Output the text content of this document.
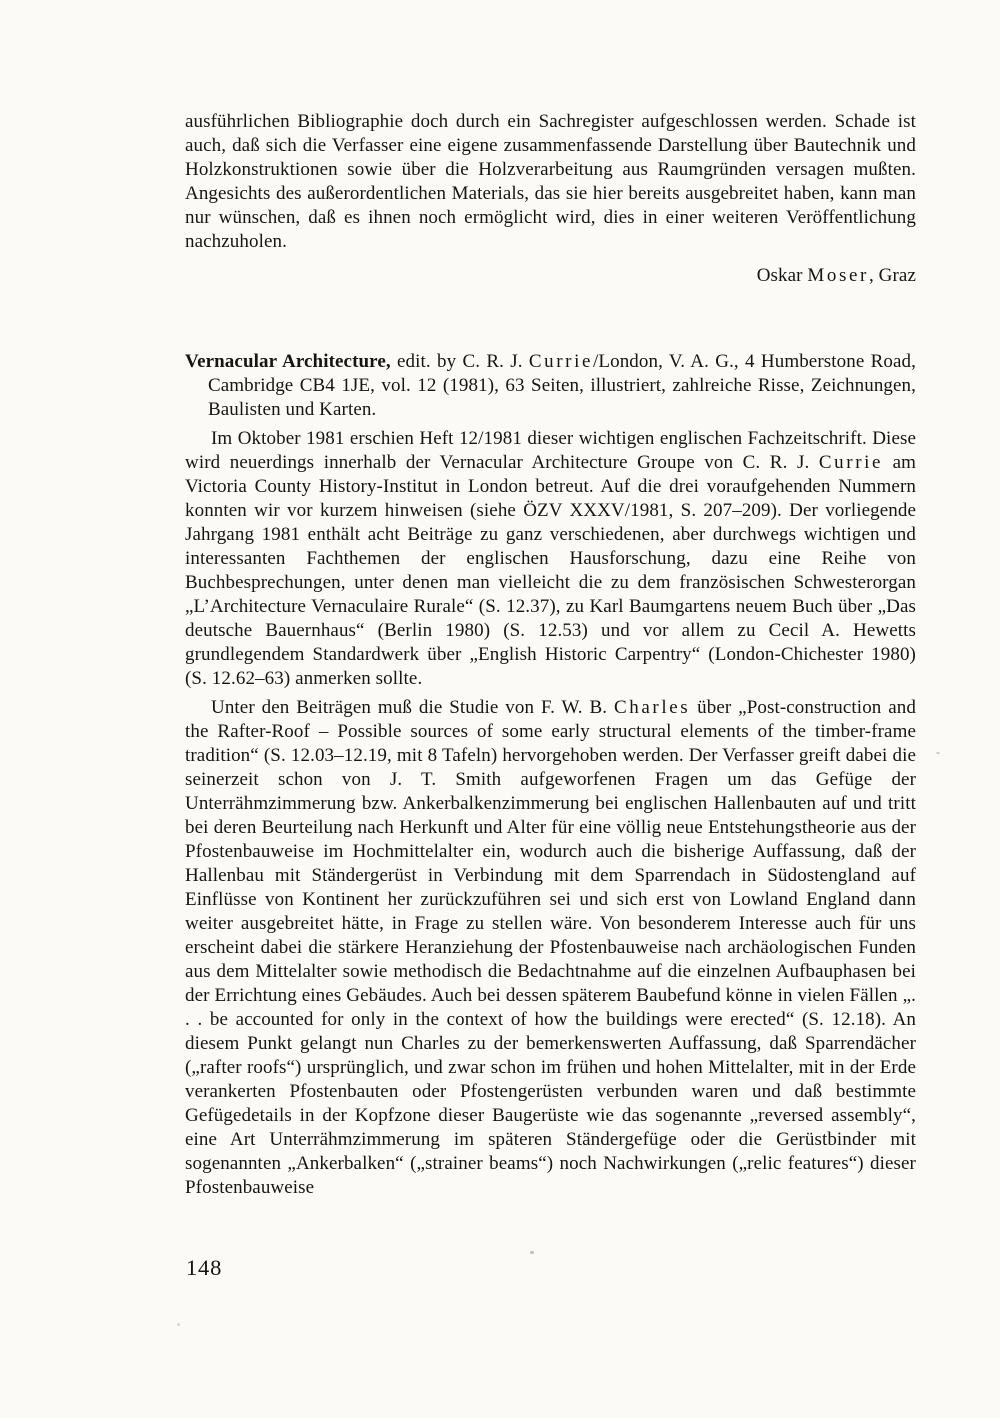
ausführlichen Bibliographie doch durch ein Sachregister aufgeschlossen werden. Schade ist auch, daß sich die Verfasser eine eigene zusammenfassende Darstellung über Bautechnik und Holzkonstruktionen sowie über die Holzverarbeitung aus Raumgründen versagen mußten. Angesichts des außerordentlichen Materials, das sie hier bereits ausgebreitet haben, kann man nur wünschen, daß es ihnen noch ermöglicht wird, dies in einer weiteren Veröffentlichung nachzuholen.

Oskar Moser, Graz

Vernacular Architecture, edit. by C. R. J. Currie/London, V. A. G., 4 Humberstone Road, Cambridge CB4 1JE, vol. 12 (1981), 63 Seiten, illustriert, zahlreiche Risse, Zeichnungen, Baulisten und Karten.

Im Oktober 1981 erschien Heft 12/1981 dieser wichtigen englischen Fachzeitschrift. Diese wird neuerdings innerhalb der Vernacular Architecture Groupe von C. R. J. Currie am Victoria County History-Institut in London betreut. Auf die drei voraufgehenden Nummern konnten wir vor kurzem hinweisen (siehe ÖZV XXXV/1981, S. 207–209). Der vorliegende Jahrgang 1981 enthält acht Beiträge zu ganz verschiedenen, aber durchwegs wichtigen und interessanten Fachthemen der englischen Hausforschung, dazu eine Reihe von Buchbesprechungen, unter denen man vielleicht die zu dem französischen Schwesterorgan „L’Architecture Vernaculaire Rurale“ (S. 12.37), zu Karl Baumgartens neuem Buch über „Das deutsche Bauernhaus“ (Berlin 1980) (S. 12.53) und vor allem zu Cecil A. Hewetts grundlegendem Standardwerk über „English Historic Carpentry“ (London-Chichester 1980) (S. 12.62–63) anmerken sollte.

Unter den Beiträgen muß die Studie von F. W. B. Charles über „Post-construction and the Rafter-Roof – Possible sources of some early structural elements of the timber-frame tradition“ (S. 12.03–12.19, mit 8 Tafeln) hervorgehoben werden. Der Verfasser greift dabei die seinerzeit schon von J. T. Smith aufgeworfenen Fragen um das Gefüge der Unterrähmzimmerung bzw. Ankerbalkenzimmerung bei englischen Hallenbauten auf und tritt bei deren Beurteilung nach Herkunft und Alter für eine völlig neue Entstehungstheorie aus der Pfostenbauweise im Hochmittelalter ein, wodurch auch die bisherige Auffassung, daß der Hallenbau mit Ständergerüst in Verbindung mit dem Sparrendach in Südostengland auf Einflüsse von Kontinent her zurückzuführen sei und sich erst von Lowland England dann weiter ausgebreitet hätte, in Frage zu stellen wäre. Von besonderem Interesse auch für uns erscheint dabei die stärkere Heranziehung der Pfostenbauweise nach archäologischen Funden aus dem Mittelalter sowie methodisch die Bedachtnahme auf die einzelnen Aufbauphasen bei der Errichtung eines Gebäudes. Auch bei dessen späterem Baubefund könne in vielen Fällen „. . . be accounted for only in the context of how the buildings were erected“ (S. 12.18). An diesem Punkt gelangt nun Charles zu der bemerkenswerten Auffassung, daß Sparrendächer („rafter roofs“) ursprünglich, und zwar schon im frühen und hohen Mittelalter, mit in der Erde verankerten Pfostenbauten oder Pfostengerüsten verbunden waren und daß bestimmte Gefügedetails in der Kopfzone dieser Baugerüste wie das sogenannte „reversed assembly“, eine Art Unterrähmzimmerung im späteren Ständergefüge oder die Gerüstbinder mit sogenannten „Ankerbalken“ („strainer beams“) noch Nachwirkungen („relic features“) dieser Pfostenbauweise

148
